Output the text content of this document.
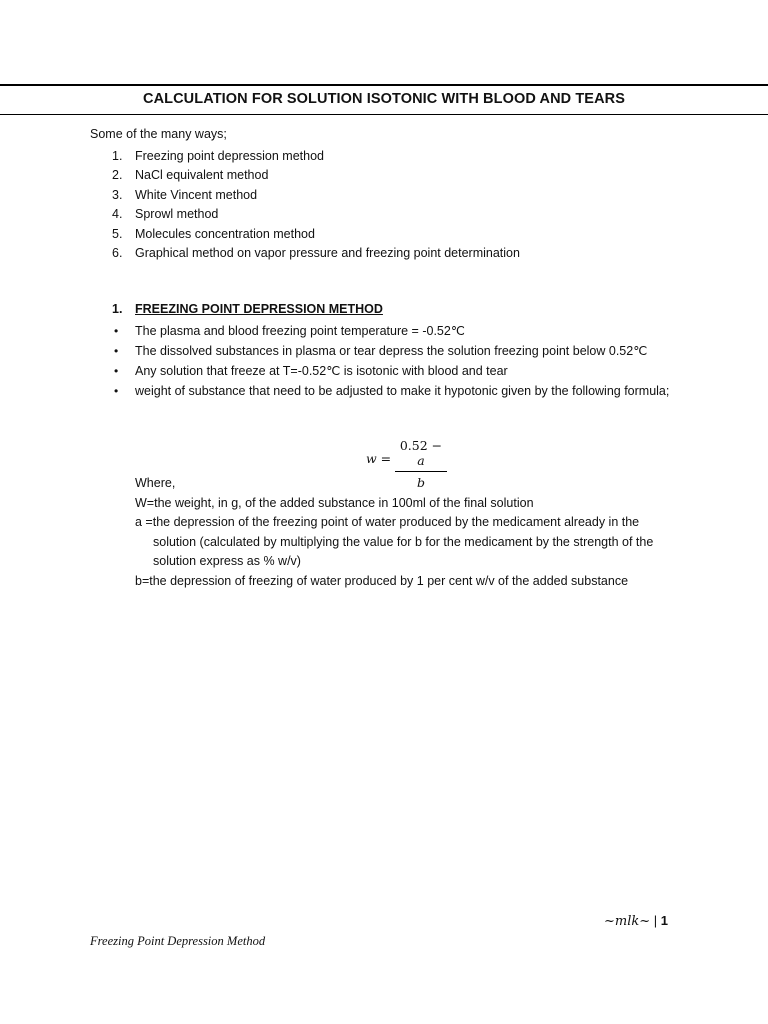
CALCULATION FOR SOLUTION ISOTONIC WITH BLOOD AND TEARS
Some of the many ways;
1. Freezing point depression method
2. NaCl equivalent method
3. White Vincent method
4. Sprowl method
5. Molecules concentration method
6. Graphical method on vapor pressure and freezing point determination
1. FREEZING POINT DEPRESSION METHOD
• The plasma and blood freezing point temperature = -0.52℃
• The dissolved substances in plasma or tear depress the solution freezing point below 0.52℃
• Any solution that freeze at T=-0.52℃ is isotonic with blood and tear
• weight of substance that need to be adjusted to make it hypotonic given by the following formula;
w =
0.52 − a
b

Where,

W=the weight, in g, of the added substance in 100ml of the final solution

a =the depression of the freezing point of water produced by the medicament already in the solution (calculated by multiplying the value for b for the medicament by the strength of the solution express as % w/v)

b=the depression of freezing of water produced by 1 per cent w/v of the added substance

~mlk~ | 1
Freezing Point Depression Method
